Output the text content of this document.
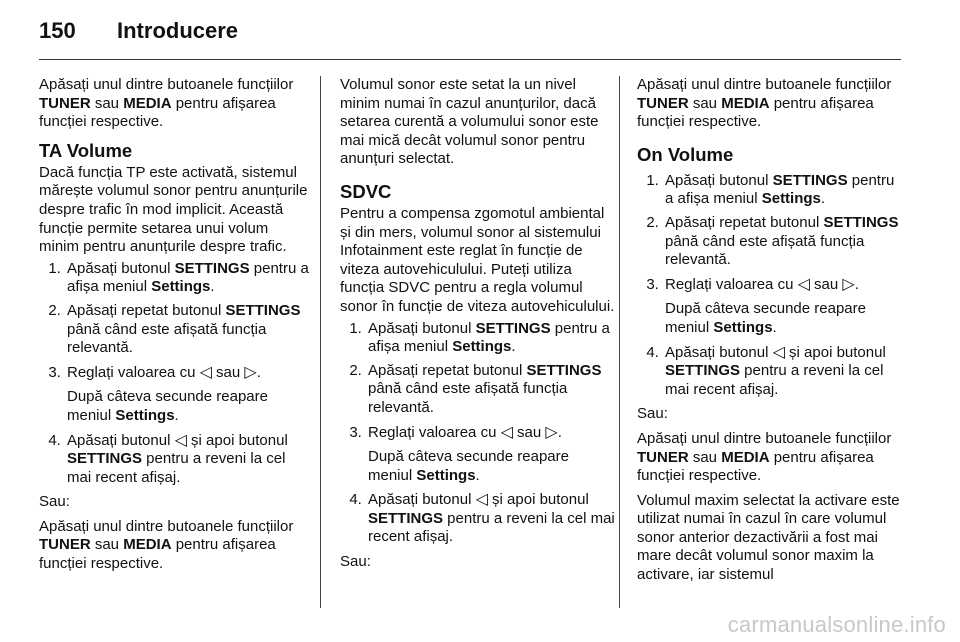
150 Introducere

Apăsați unul dintre butoanele funcțiilor TUNER sau MEDIA pentru afișarea funcției respective.

TA Volume

Dacă funcția TP este activată, sistemul mărește volumul sonor pentru anunțurile despre trafic în mod implicit. Această funcție permite setarea unui volum minim pentru anunțurile despre trafic.

1. Apăsați butonul SETTINGS pentru a afișa meniul Settings.
2. Apăsați repetat butonul SETTINGS până când este afișată funcția relevantă.
3. Reglați valoarea cu ◁ sau ▷.
După câteva secunde reapare meniul Settings.
4. Apăsați butonul ◁ și apoi butonul SETTINGS pentru a reveni la cel mai recent afișaj.

Sau:

Apăsați unul dintre butoanele funcțiilor TUNER sau MEDIA pentru afișarea funcției respective.

Volumul sonor este setat la un nivel minim numai în cazul anunțurilor, dacă setarea curentă a volumului sonor este mai mică decât volumul sonor pentru anunțuri selectat.

SDVC

Pentru a compensa zgomotul ambiental și din mers, volumul sonor al sistemului Infotainment este reglat în funcție de viteza autovehiculului. Puteți utiliza funcția SDVC pentru a regla volumul sonor în funcție de viteza autovehiculului.

1. Apăsați butonul SETTINGS pentru a afișa meniul Settings.
2. Apăsați repetat butonul SETTINGS până când este afișată funcția relevantă.
3. Reglați valoarea cu ◁ sau ▷.
După câteva secunde reapare meniul Settings.
4. Apăsați butonul ◁ și apoi butonul SETTINGS pentru a reveni la cel mai recent afișaj.

Sau:

Apăsați unul dintre butoanele funcțiilor TUNER sau MEDIA pentru afișarea funcției respective.

On Volume
1. Apăsați butonul SETTINGS pentru a afișa meniul Settings.
2. Apăsați repetat butonul SETTINGS până când este afișată funcția relevantă.
3. Reglați valoarea cu ◁ sau ▷.
După câteva secunde reapare meniul Settings.
4. Apăsați butonul ◁ și apoi butonul SETTINGS pentru a reveni la cel mai recent afișaj.

Sau:

Apăsați unul dintre butoanele funcțiilor TUNER sau MEDIA pentru afișarea funcției respective.

Volumul maxim selectat la activare este utilizat numai în cazul în care volumul sonor anterior dezactivării a fost mai mare decât volumul sonor maxim la activare, iar sistemul

carmanualsonline.info
